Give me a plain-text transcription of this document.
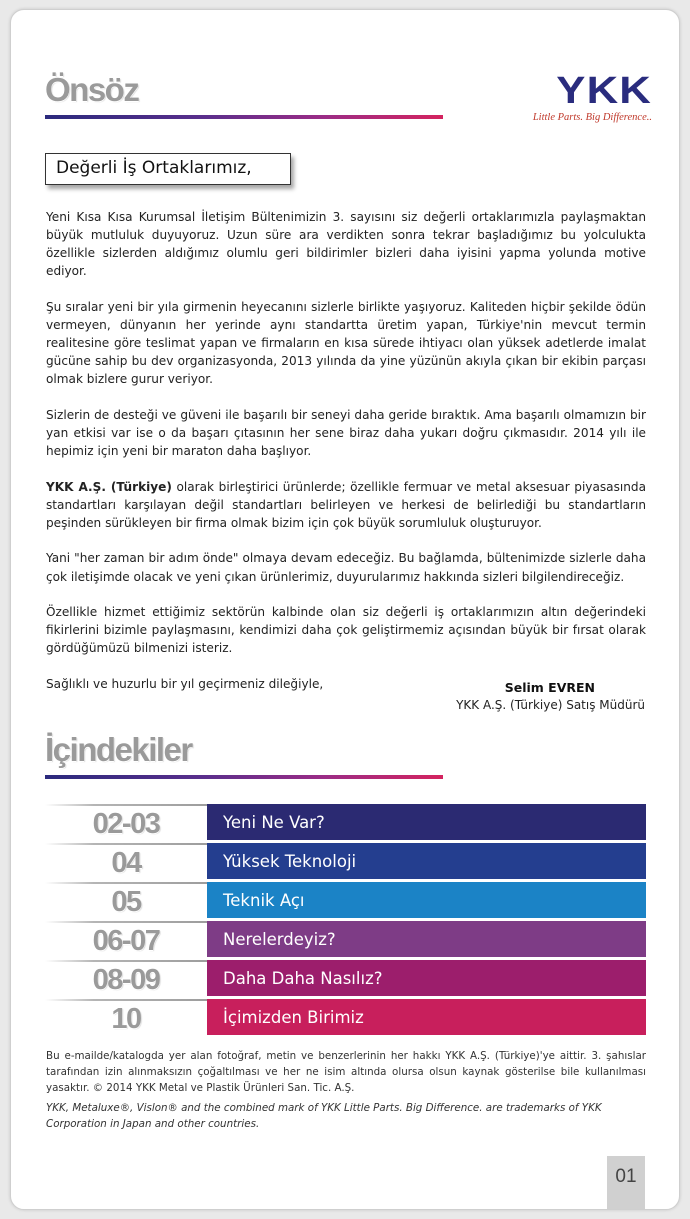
Önsöz	YKK
Little Parts. Big Difference..
Değerli İş Ortaklarımız,

Yeni Kısa Kısa Kurumsal İletişim Bültenimizin 3. sayısını siz değerli ortaklarımızla paylaşmaktan büyük mutluluk duyuyoruz. Uzun süre ara verdikten sonra tekrar başladığımız bu yolculukta özellikle sizlerden aldığımız olumlu geri bildirimler bizleri daha iyisini yapma yolunda motive ediyor.

Şu sıralar yeni bir yıla girmenin heyecanını sizlerle birlikte yaşıyoruz. Kaliteden hiçbir şekilde ödün vermeyen, dünyanın her yerinde aynı standartta üretim yapan, Türkiye'nin mevcut termin realitesine göre teslimat yapan ve firmaların en kısa sürede ihtiyacı olan yüksek adetlerde imalat gücüne sahip bu dev organizasyonda, 2013 yılında da yine yüzünün akıyla çıkan bir ekibin parçası olmak bizlere gurur veriyor.

Sizlerin de desteği ve güveni ile başarılı bir seneyi daha geride bıraktık. Ama başarılı olmamızın bir yan etkisi var ise o da başarı çıtasının her sene biraz daha yukarı doğru çıkmasıdır. 2014 yılı ile hepimiz için yeni bir maraton daha başlıyor.

YKK A.Ş. (Türkiye) olarak birleştirici ürünlerde; özellikle fermuar ve metal aksesuar piyasasında standartları karşılayan değil standartları belirleyen ve herkesi de belirlediği bu standartların peşinden sürükleyen bir firma olmak bizim için çok büyük sorumluluk oluşturuyor.

Yani "her zaman bir adım önde" olmaya devam edeceğiz. Bu bağlamda, bültenimizde sizlerle daha çok iletişimde olacak ve yeni çıkan ürünlerimiz, duyurularımız hakkında sizleri bilgilendireceğiz.

Özellikle hizmet ettiğimiz sektörün kalbinde olan siz değerli iş ortaklarımızın altın değerindeki fikirlerini bizimle paylaşmasını, kendimizi daha çok geliştirmemiz açısından büyük bir fırsat olarak gördüğümüzü bilmenizi isteriz.

Sağlıklı ve huzurlu bir yıl geçirmeniz dileğiyle,	Selim EVREN
YKK A.Ş. (Türkiye) Satış Müdürü
İçindekiler
02-03	Yeni Ne Var?
04	Yüksek Teknoloji
05	Teknik Açı
06-07	Nerelerdeyiz?
08-09	Daha Daha Nasılız?
10	İçimizden Birimiz

Bu e-mailde/katalogda yer alan fotoğraf, metin ve benzerlerinin her hakkı YKK A.Ş. (Türkiye)'ye aittir. 3. şahıslar tarafından izin alınmaksızın çoğaltılması ve her ne isim altında olursa olsun kaynak gösterilse bile kullanılması yasaktır. © 2014 YKK Metal ve Plastik Ürünleri San. Tic. A.Ş.

YKK, Metaluxe®, Vislon® and the combined mark of YKK Little Parts. Big Difference. are trademarks of YKK Corporation in Japan and other countries.

01
